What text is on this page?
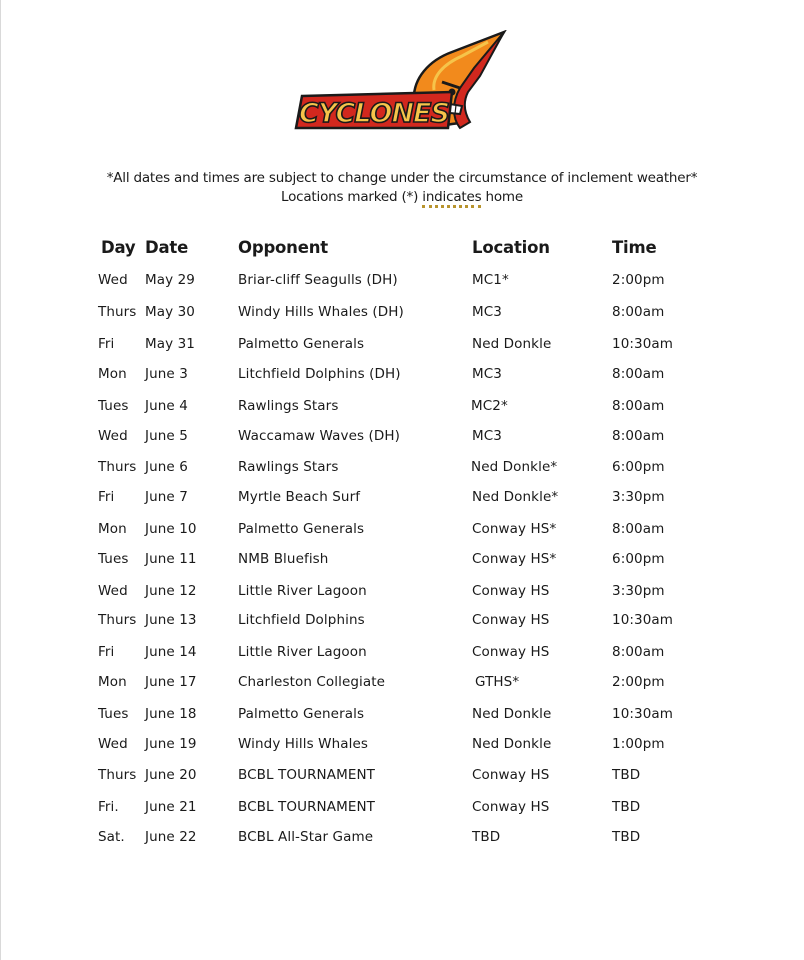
CYCLONES
*All dates and times are subject to change under the circumstance of inclement weather*
Locations marked (*) indicates home
Day Date	Opponent	Location	Time
Wed May 29	Briar-cliff Seagulls (DH)	MC1*	2:00pm
Thurs May 30	Windy Hills Whales (DH)	MC3	8:00am
Fri May 31	Palmetto Generals	Ned Donkle	10:30am
Mon June 3	Litchfield Dolphins (DH)	MC3	8:00am
Tues June 4	Rawlings Stars	MC2*	8:00am
Wed June 5	Waccamaw Waves (DH)	MC3	8:00am
Thurs June 6	Rawlings Stars	Ned Donkle*	6:00pm
Fri June 7	Myrtle Beach Surf	Ned Donkle*	3:30pm
Mon June 10	Palmetto Generals	Conway HS*	8:00am
Tues June 11	NMB Bluefish	Conway HS*	6:00pm
Wed June 12	Little River Lagoon	Conway HS	3:30pm
Thurs June 13	Litchfield Dolphins	Conway HS	10:30am
Fri June 14	Little River Lagoon	Conway HS	8:00am
Mon June 17	Charleston Collegiate	GTHS*	2:00pm
Tues June 18	Palmetto Generals	Ned Donkle	10:30am
Wed June 19	Windy Hills Whales	Ned Donkle	1:00pm
Thurs June 20	BCBL TOURNAMENT	Conway HS	TBD
Fri. June 21	BCBL TOURNAMENT	Conway HS	TBD
Sat. June 22	BCBL All-Star Game	TBD	TBD
